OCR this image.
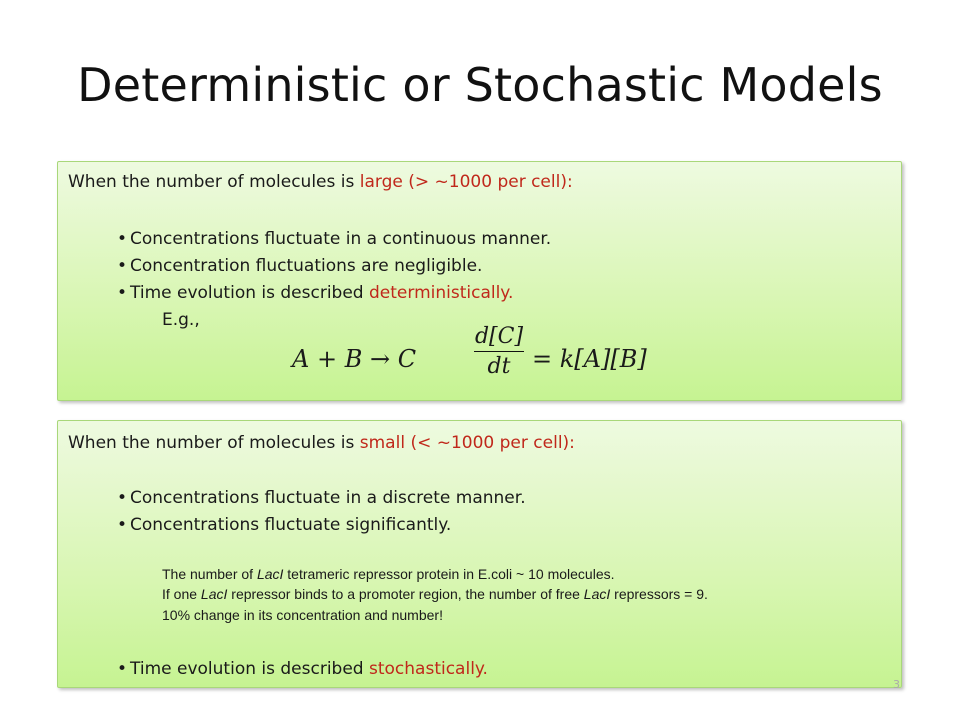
Deterministic or Stochastic Models
When the number of molecules is large (> ~1000 per cell):
• Concentrations fluctuate in a continuous manner.
• Concentration fluctuations are negligible.
• Time evolution is described deterministically.
E.g.,
A + B → C	$\frac{d[C]}{dt} = k[A][B]$
When the number of molecules is small (< ~1000 per cell):
• Concentrations fluctuate in a discrete manner.
• Concentrations fluctuate significantly.
The number of LacI tetrameric repressor protein in E.coli ~ 10 molecules.
If one LacI repressor binds to a promoter region, the number of free LacI repressors = 9.
10% change in its concentration and number!
• Time evolution is described stochastically.
3
